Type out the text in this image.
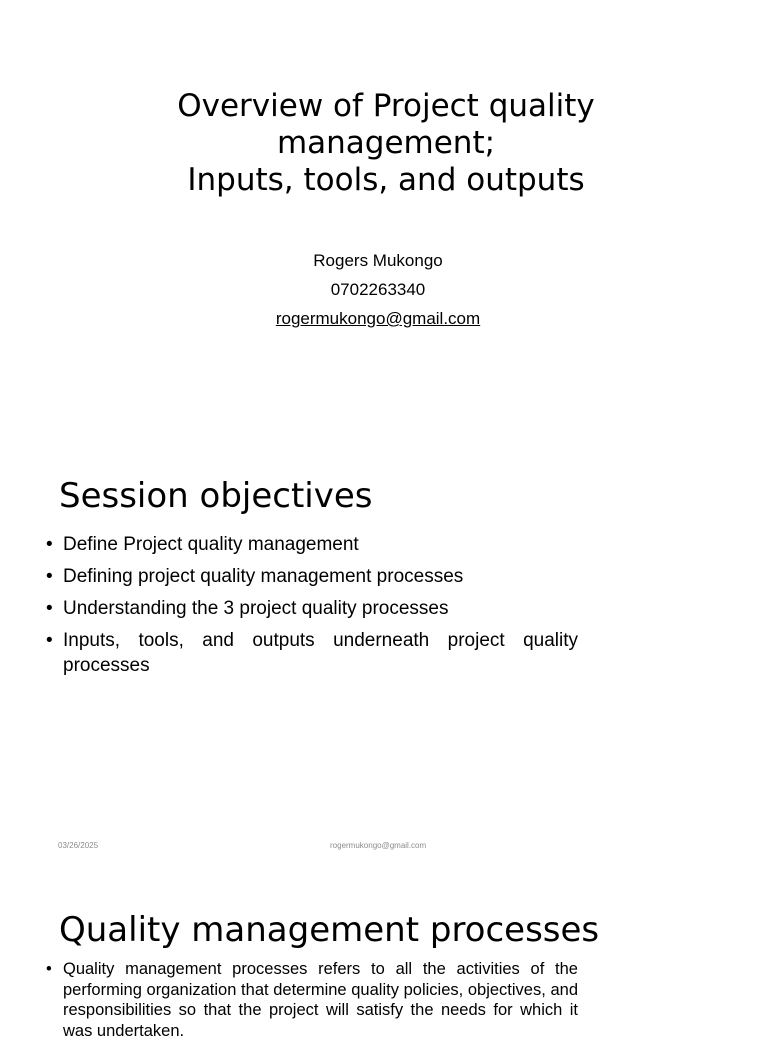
Overview of Project quality
management;
Inputs, tools, and outputs
Rogers Mukongo
0702263340
rogermukongo@gmail.com
Session objectives
• Define Project quality management
• Defining project quality management processes
• Understanding the 3 project quality processes
• Inputs, tools, and outputs underneath project quality processes
03/26/2025	rogermukongo@gmail.com
Quality management processes
• Quality management processes refers to all the activities of the performing organization that determine quality policies, objectives, and responsibilities so that the project will satisfy the needs for which it was undertaken.
